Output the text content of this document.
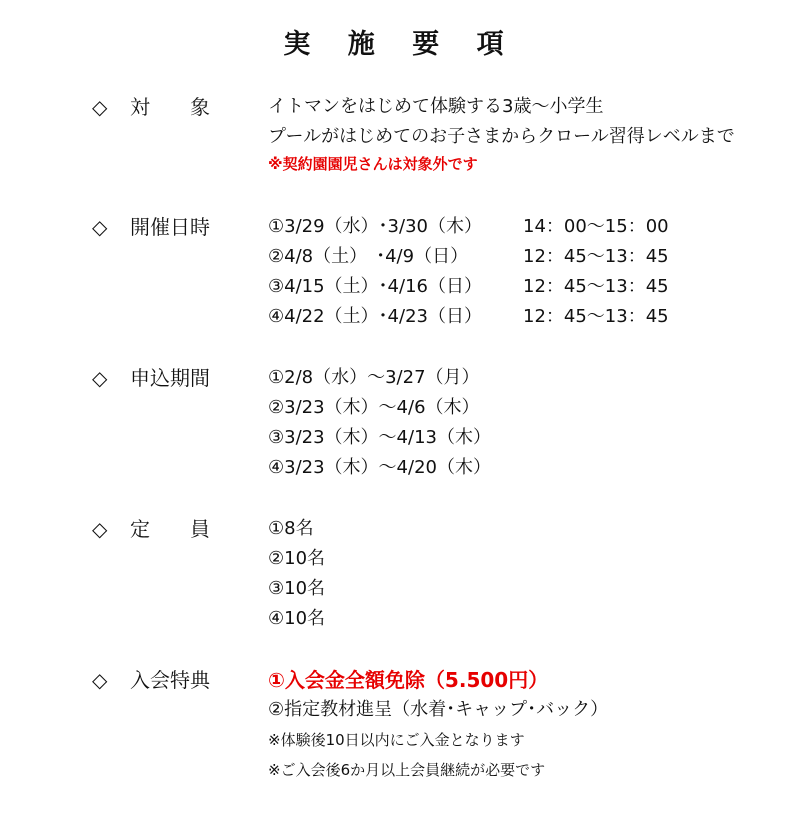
実 施 要 項
◇ 対　　象	イトマンをはじめて体験する3歳～小学生
プールがはじめてのお子さまからクロール習得レベルまで
※契約園園児さんは対象外です
◇ 開催日時	①3/29（水）･3/30（木）	14：00～15：00
②4/8（土）　･4/9（日）	12：45～13：45
③4/15（土）･4/16（日）	12：45～13：45
④4/22（土）･4/23（日）	12：45～13：45
◇ 申込期間	①2/8（水）～3/27（月）
②3/23（木）～4/6（木）
③3/23（木）～4/13（木）
④3/23（木）～4/20（木）
◇ 定　　員	①8名
②10名
③10名
④10名
◇ 入会特典	①入会金全額免除（5.500円）
②指定教材進呈（水着･キャップ･バック）
※体験後10日以内にご入金となります
※ご入会後6か月以上会員継続が必要です
